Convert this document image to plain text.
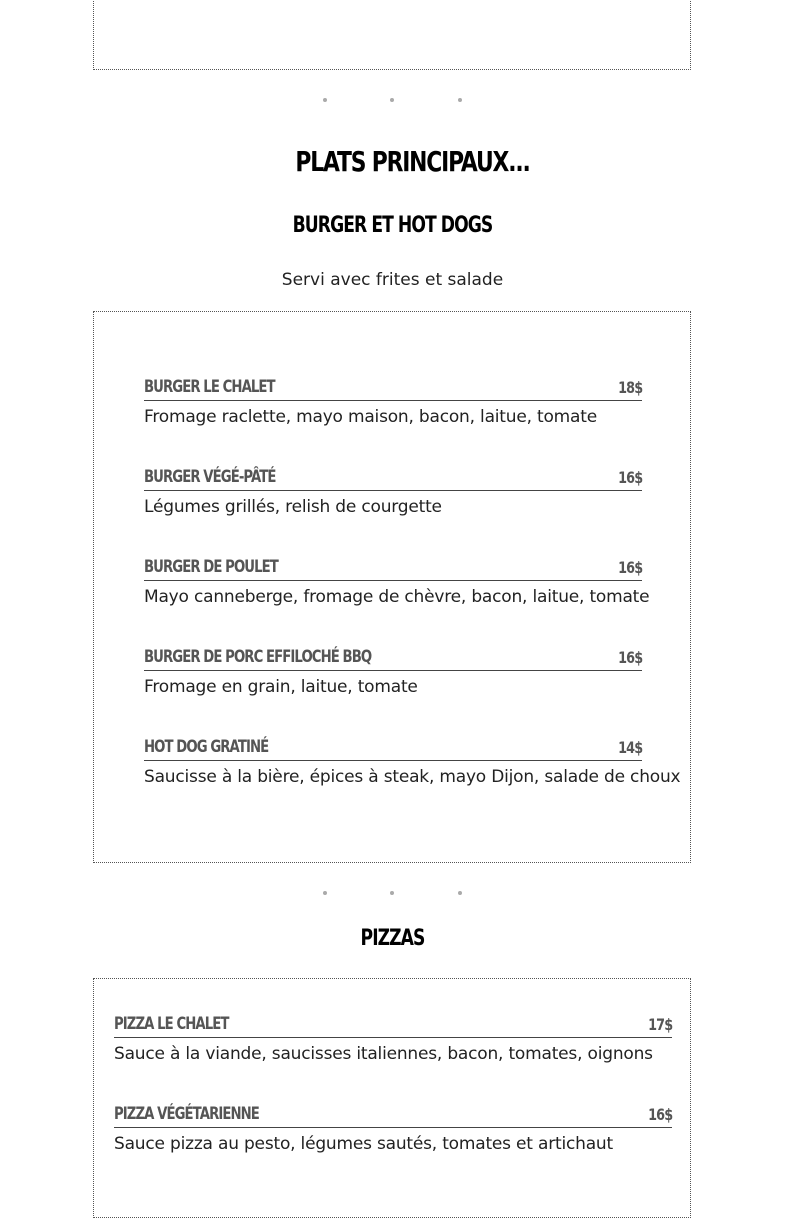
PLATS PRINCIPAUX...
BURGER ET HOT DOGS
Servi avec frites et salade
BURGER LE CHALET	18$
Fromage raclette, mayo maison, bacon, laitue, tomate
BURGER VÉGÉ-PÂTÉ	16$
Légumes grillés, relish de courgette
BURGER DE POULET	16$
Mayo canneberge, fromage de chèvre, bacon, laitue, tomate
BURGER DE PORC EFFILOCHÉ BBQ	16$
Fromage en grain, laitue, tomate
HOT DOG GRATINÉ	14$
Saucisse à la bière, épices à steak, mayo Dijon, salade de choux
PIZZAS
PIZZA LE CHALET	17$
Sauce à la viande, saucisses italiennes, bacon, tomates, oignons
PIZZA VÉGÉTARIENNE	16$
Sauce pizza au pesto, légumes sautés, tomates et artichaut
